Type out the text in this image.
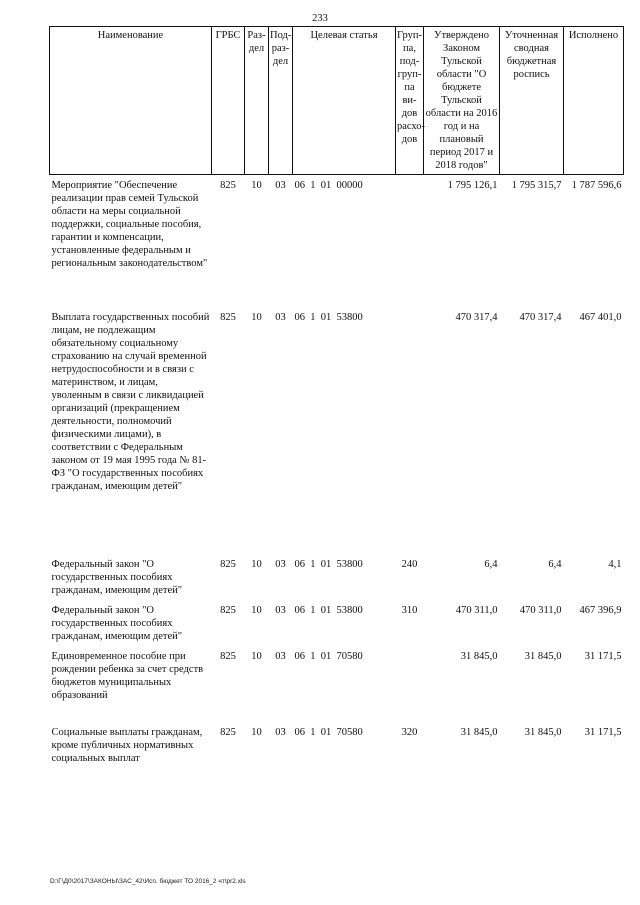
233
Наименование	ГРБС	Раз-дел	Под-раз-дел	Целевая статья	Груп-па, под-груп-па ви-дов расхо-дов	Утверждено Законом Тульской области "О бюджете Тульской области на 2016 год и на плановый период 2017 и 2018 годов"	Уточненная сводная бюджетная роспись	Исполнено
Мероприятие "Обеспечение реализации прав семей Тульской области на меры социальной поддержки, социальные пособия, гарантии и компенсации, установленные федеральным и региональным законодательством"	825	10	03	06  1  01  00000		1 795 126,1	1 795 315,7	1 787 596,6
Выплата государственных пособий лицам, не подлежащим обязательному социальному страхованию на случай временной нетрудоспособности и в связи с материнством, и лицам, уволенным в связи с ликвидацией организаций (прекращением деятельности, полномочий физическими лицами), в соответствии с Федеральным законом от 19 мая 1995 года № 81-ФЗ "О государственных пособиях гражданам, имеющим детей"	825	10	03	06  1  01  53800		470 317,4	470 317,4	467 401,0
Федеральный закон "О государственных пособиях гражданам, имеющим детей"	825	10	03	06  1  01  53800	240	6,4	6,4	4,1
Федеральный закон "О государственных пособиях гражданам, имеющим детей"	825	10	03	06  1  01  53800	310	470 311,0	470 311,0	467 396,9
Единовременное пособие при рождении ребенка за счет средств бюджетов муниципальных образований	825	10	03	06  1  01  70580		31 845,0	31 845,0	31 171,5
Социальные выплаты гражданам, кроме публичных нормативных социальных выплат	825	10	03	06  1  01  70580	320	31 845,0	31 845,0	31 171,5
D:\Г\Д0\2017\ЗАКОНЫ\ЗАС_42\Исп. бюджет ТО 2016_2 чт\pr2.xls
